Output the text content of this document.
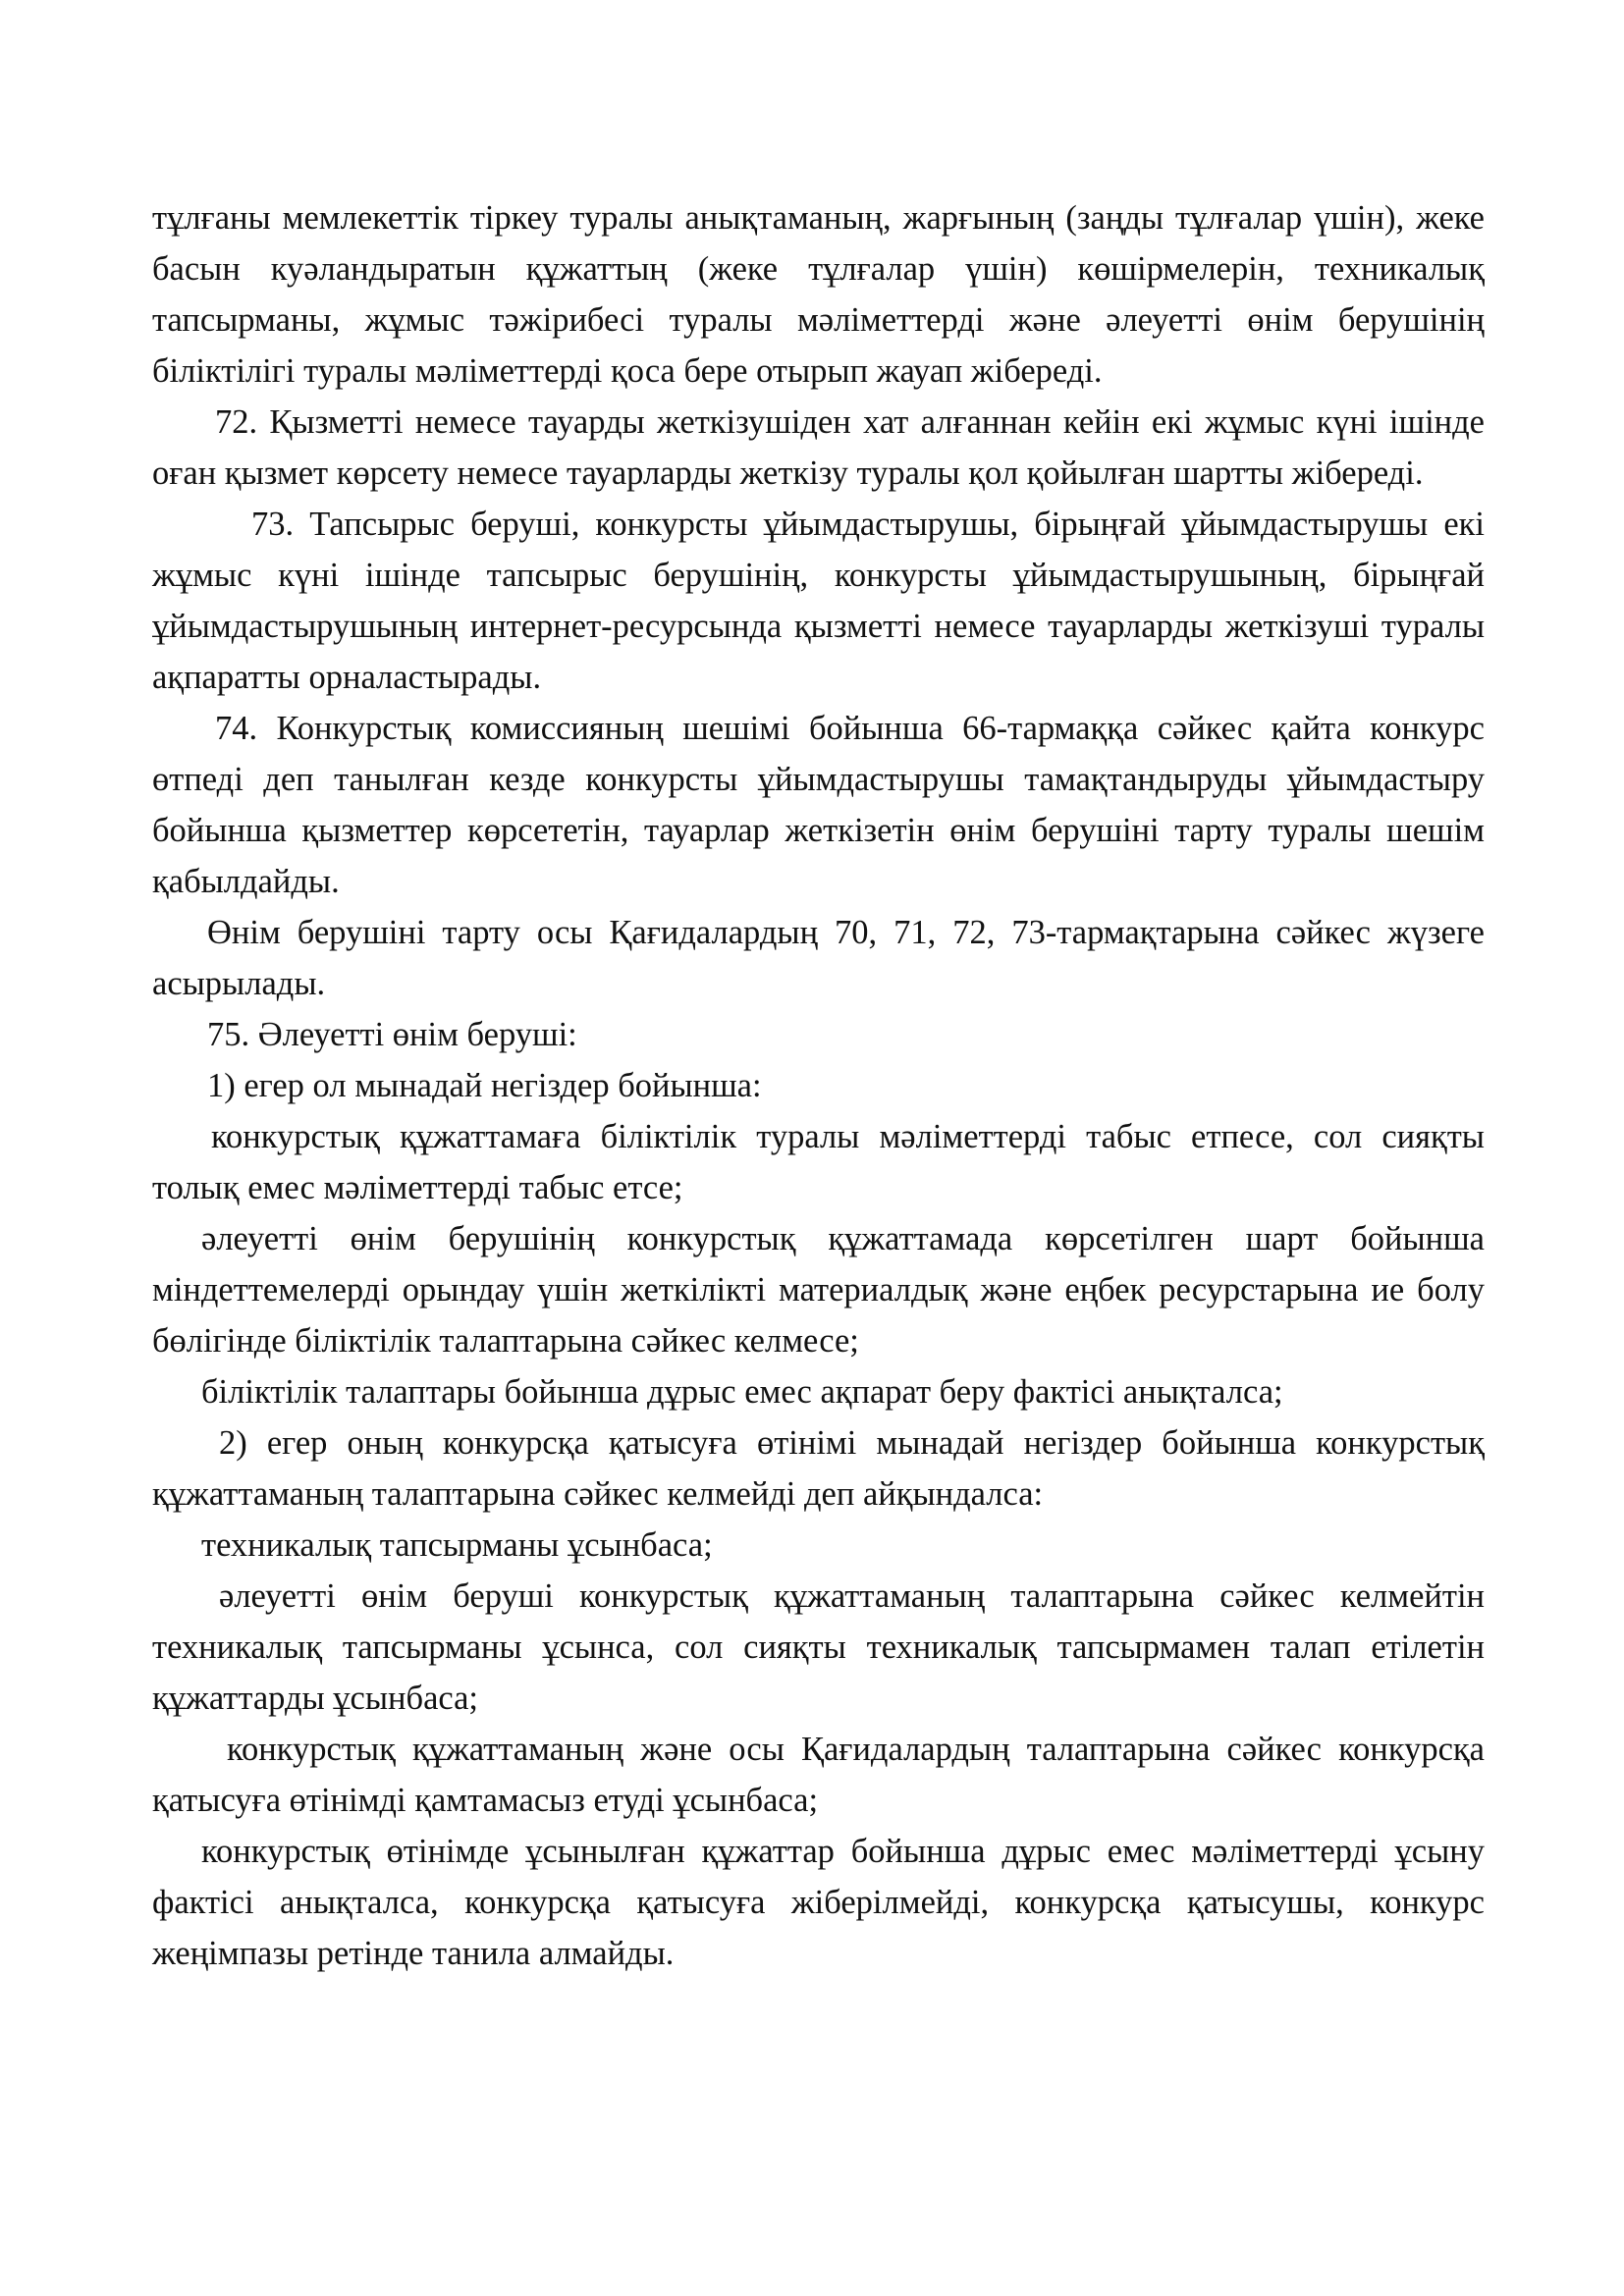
тұлғаны мемлекеттік тіркеу туралы анықтаманың, жарғының (заңды тұлғалар үшін), жеке басын куәландыратын құжаттың (жеке тұлғалар үшін) көшірмелерін, техникалық тапсырманы, жұмыс тәжірибесі туралы мәліметтерді және әлеуетті өнім берушінің біліктілігі туралы мәліметтерді қоса бере отырып жауап жібереді.

72. Қызметті немесе тауарды жеткізушіден хат алғаннан кейін екі жұмыс күні ішінде оған қызмет көрсету немесе тауарларды жеткізу туралы қол қойылған шартты жібереді.

73. Тапсырыс беруші, конкурсты ұйымдастырушы, бірыңғай ұйымдастырушы екі жұмыс күні ішінде тапсырыс берушінің, конкурсты ұйымдастырушының, бірыңғай ұйымдастырушының интернет-ресурсында қызметті немесе тауарларды жеткізуші туралы ақпаратты орналастырады.

74. Конкурстық комиссияның шешімі бойынша 66-тармаққа сәйкес қайта конкурс өтпеді деп танылған кезде конкурсты ұйымдастырушы тамақтандыруды ұйымдастыру бойынша қызметтер көрсететін, тауарлар жеткізетін өнім берушіні тарту туралы шешім қабылдайды.

Өнім берушіні тарту осы Қағидалардың 70, 71, 72, 73-тармақтарына сәйкес жүзеге асырылады.

75. Әлеуетті өнім беруші:

1) егер ол мынадай негіздер бойынша:

конкурстық құжаттамаға біліктілік туралы мәліметтерді табыс етпесе, сол сияқты толық емес мәліметтерді табыс етсе;

әлеуетті өнім берушінің конкурстық құжаттамада көрсетілген шарт бойынша міндеттемелерді орындау үшін жеткілікті материалдық және еңбек ресурстарына ие болу бөлігінде біліктілік талаптарына сәйкес келмесе;

біліктілік талаптары бойынша дұрыс емес ақпарат беру фактісі анықталса;

2) егер оның конкурсқа қатысуға өтінімі мынадай негіздер бойынша конкурстық құжаттаманың талаптарына сәйкес келмейді деп айқындалса:

техникалық тапсырманы ұсынбаса;

әлеуетті өнім беруші конкурстық құжаттаманың талаптарына сәйкес келмейтін техникалық тапсырманы ұсынса, сол сияқты техникалық тапсырмамен талап етілетін құжаттарды ұсынбаса;

конкурстық құжаттаманың және осы Қағидалардың талаптарына сәйкес конкурсқа қатысуға өтінімді қамтамасыз етуді ұсынбаса;

конкурстық өтінімде ұсынылған құжаттар бойынша дұрыс емес мәліметтерді ұсыну фактісі анықталса, конкурсқа қатысуға жіберілмейді, конкурсқа қатысушы, конкурс жеңімпазы ретінде танила алмайды.
